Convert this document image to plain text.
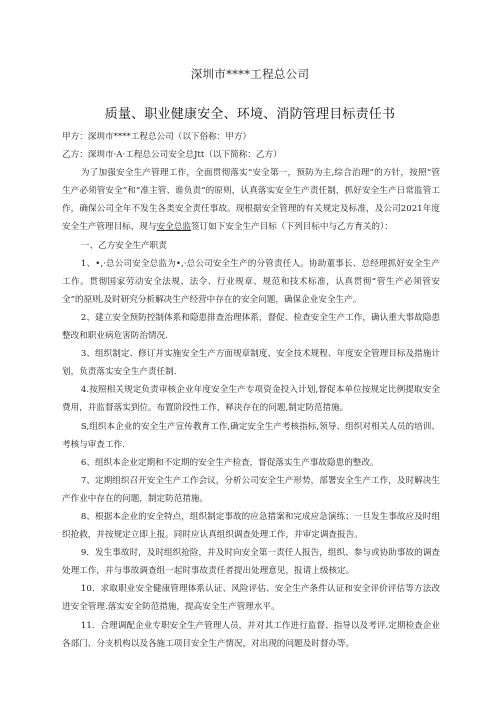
深圳市****工程总公司
质量、职业健康安全、环境、消防管理目标责任书

甲方：深圳市****工程总公司（以下俗称：甲方）

乙方：深圳市·A·工程总公司安全总Jtt（以下简称：乙方）

为了加强安全生产管理工作，全面贯彻落实“安全第一，预防为主,综合治理”的方针，按照“管生产必须管安全”和“准主管、谁负责”的原则，认真落实安全生产责任制，抓好安全生产日常监管工作，确保公司全年不发生各类安全责任事故。现根据安全管理的有关规定及标准，及公司2021年度安全生产管理目标，现与安全总监签订如下安全生产目标（下列目标中与乙方育关的）：

一、乙方安全生产职责

1、•,·总公司安全总监为•,·总公司安全生产的分管责任人。协助董事长、总经理抓好安全生产工作。贯彻国家劳动安全法规、法令、行业规章、规范和技术标准，认真贯彻“管生产必须管安全”的原则,及时研究分析解决生产经营中存在的安全问题，确保企业安全生产。

2、建立安全预防控制体系和隐患排查治理体系，督促、检查安全生产工作，确认重大事故隐患整改和职业病危害防治情况.

3、组织制定、修订并实施安全生产方面规章制度、安全技术规程、年度安全管理目标及措施计划，负责落实安全生产责任制.

4.按照相关规定负责审核企业年度安全生产专项资金投入计划,督促本单位按规定比例提取安全费用，并监督落实到位。布置阶段性工作，释决存在的问题,制定防范措施。

S,组织本企业的安全生产宣传教育工作,确定安全生产考核指标,领导、组织对相关人员的培训、考核与审查工作.

6、组织本企业定期和不定期的安全生产检查，督促落实生产事故隐患的整改。

7、定期组织召开安全生产工作会议，分析公司安全生产形势，部署安全生产工作，及时解决生产作业中存在的问题，制定防范措施。

8、根据本企业的安全特点，组织制定事故的应急措案和完成应急演练；一旦发生事故应及时组织抢救，并按规定立即上报。同时应认真组织调查处理工作，并审定调查报告。

9．发生事故时，及时组织抢险，并及时向安全第一责任人报告，组织、参与或协助事故的调查处理工作，并与事故调查组一起时事故责任者提出处理意见，报请上级核定。

10．求取职业安全健康管理体系认证、风险评估、安全生产条件认证和安全评价评估等方法改进安全管理.落实安全防范措施，提高安全生产管理水平。

11．合理调配企业专职安全生产管理人员，并对其工作进行监督、指导以及考评.定期检查企业各部门、分支机构以及各施工项目安全生产情况，对出现的问题及时督办等。
